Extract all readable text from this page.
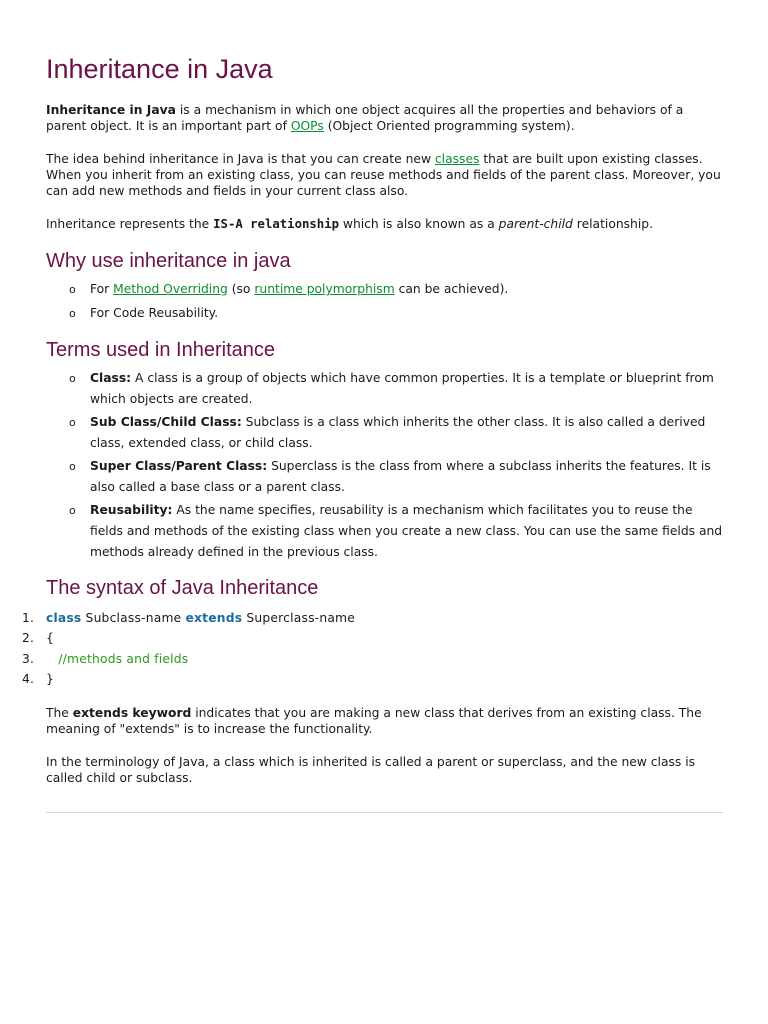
Inheritance in Java

Inheritance in Java is a mechanism in which one object acquires all the properties and behaviors of a parent object. It is an important part of OOPs (Object Oriented programming system).

The idea behind inheritance in Java is that you can create new classes that are built upon existing classes. When you inherit from an existing class, you can reuse methods and fields of the parent class. Moreover, you can add new methods and fields in your current class also.

Inheritance represents the IS-A relationship which is also known as a parent-child relationship.

Why use inheritance in java
o For Method Overriding (so runtime polymorphism can be achieved).
o For Code Reusability.
Terms used in Inheritance
o Class: A class is a group of objects which have common properties. It is a template or blueprint from which objects are created.
o Sub Class/Child Class: Subclass is a class which inherits the other class. It is also called a derived class, extended class, or child class.
o Super Class/Parent Class: Superclass is the class from where a subclass inherits the features. It is also called a base class or a parent class.
o Reusability: As the name specifies, reusability is a mechanism which facilitates you to reuse the fields and methods of the existing class when you create a new class. You can use the same fields and methods already defined in the previous class.
The syntax of Java Inheritance
1. class Subclass-name extends Superclass-name
2. {
3. //methods and fields
4. }

The extends keyword indicates that you are making a new class that derives from an existing class. The meaning of "extends" is to increase the functionality.

In the terminology of Java, a class which is inherited is called a parent or superclass, and the new class is called child or subclass.
